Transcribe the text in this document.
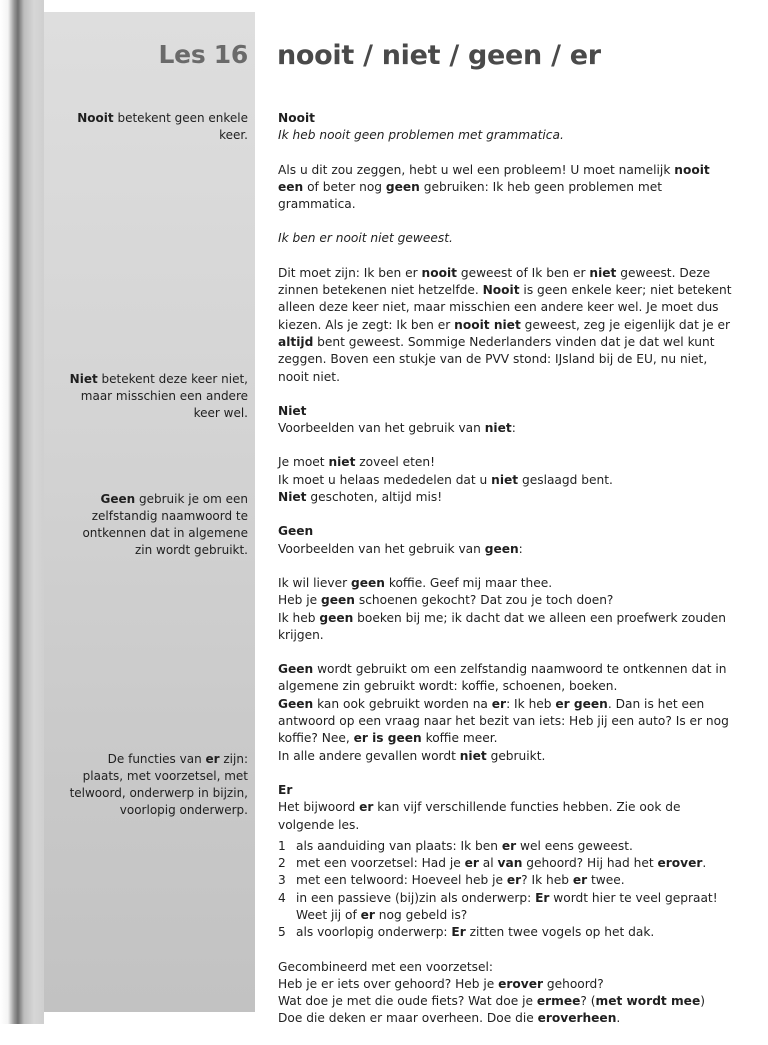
Les 16 nooit / niet / geen / er
Nooit betekent geen enkele keer.
Niet betekent deze keer niet, maar misschien een andere keer wel.
Geen gebruik je om een zelfstandig naamwoord te ontkennen dat in algemene zin wordt gebruikt.
De functies van er zijn: plaats, met voorzetsel, met telwoord, onderwerp in bijzin, voorlopig onderwerp.

Nooit
Ik heb nooit geen problemen met grammatica.

Als u dit zou zeggen, hebt u wel een probleem! U moet namelijk nooit een of beter nog geen gebruiken: Ik heb geen problemen met grammatica.

Ik ben er nooit niet geweest.

Dit moet zijn: Ik ben er nooit geweest of Ik ben er niet geweest. Deze zinnen betekenen niet hetzelfde. Nooit is geen enkele keer; niet betekent alleen deze keer niet, maar misschien een andere keer wel. Je moet dus kiezen. Als je zegt: Ik ben er nooit niet geweest, zeg je eigenlijk dat je er altijd bent geweest. Sommige Nederlanders vinden dat je dat wel kunt zeggen. Boven een stukje van de PVV stond: IJsland bij de EU, nu niet, nooit niet.

Niet
Voorbeelden van het gebruik van niet:

Je moet niet zoveel eten!
Ik moet u helaas mededelen dat u niet geslaagd bent.
Niet geschoten, altijd mis!

Geen
Voorbeelden van het gebruik van geen:

Ik wil liever geen koffie. Geef mij maar thee.
Heb je geen schoenen gekocht? Dat zou je toch doen?
Ik heb geen boeken bij me; ik dacht dat we alleen een proefwerk zouden krijgen.

Geen wordt gebruikt om een zelfstandig naamwoord te ontkennen dat in algemene zin gebruikt wordt: koffie, schoenen, boeken.
Geen kan ook gebruikt worden na er: Ik heb er geen. Dan is het een antwoord op een vraag naar het bezit van iets: Heb jij een auto? Is er nog koffie? Nee, er is geen koffie meer.
In alle andere gevallen wordt niet gebruikt.

Er
Het bijwoord er kan vijf verschillende functies hebben. Zie ook de volgende les.

1 als aanduiding van plaats: Ik ben er wel eens geweest.
2 met een voorzetsel: Had je er al van gehoord? Hij had het erover.
3 met een telwoord: Hoeveel heb je er? Ik heb er twee.
4 in een passieve (bij)zin als onderwerp: Er wordt hier te veel gepraat! Weet jij of er nog gebeld is?
5 als voorlopig onderwerp: Er zitten twee vogels op het dak.

Gecombineerd met een voorzetsel:
Heb je er iets over gehoord? Heb je erover gehoord?
Wat doe je met die oude fiets? Wat doe je ermee? (met wordt mee)
Doe die deken er maar overheen. Doe die eroverheen.
